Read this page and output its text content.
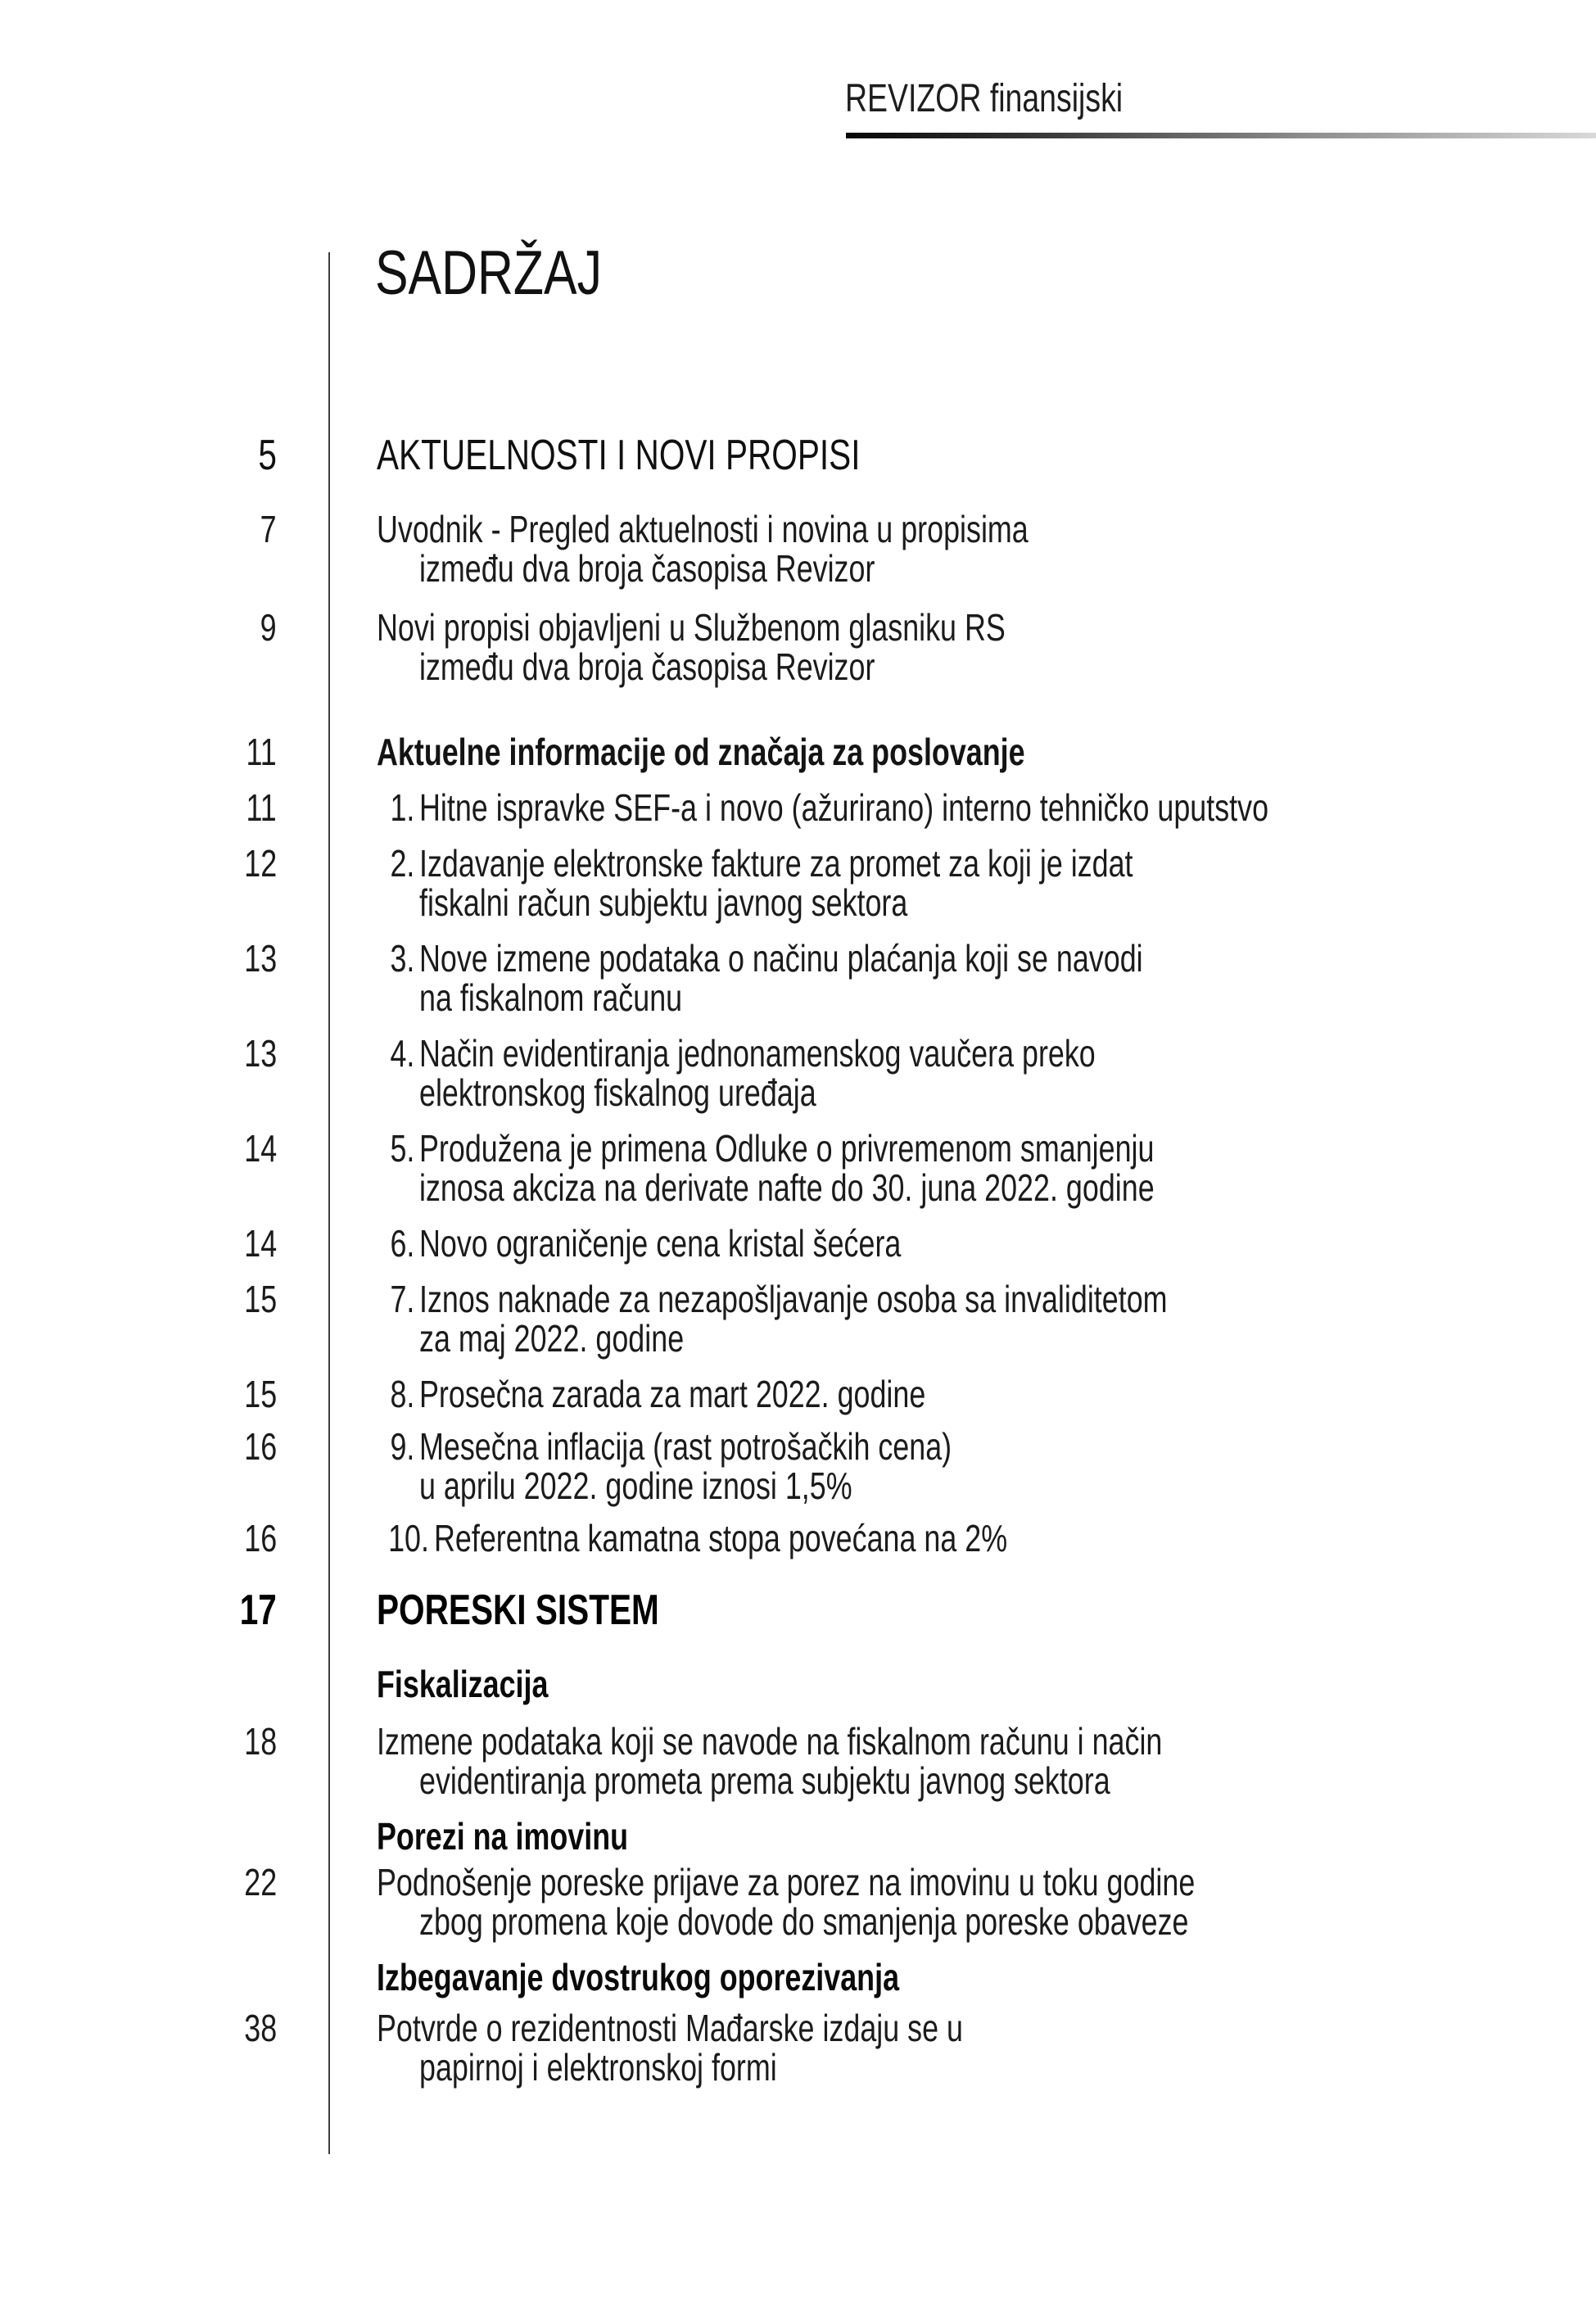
REVIZOR finansijski
SADRŽAJ
5 AKTUELNOSTI I NOVI PROPISI
7	Uvodnik - Pregled aktuelnosti i novina u propisima
između dva broja časopisa Revizor
9	Novi propisi objavljeni u Službenom glasniku RS
između dva broja časopisa Revizor
11	Aktuelne informacije od značaja za poslovanje
11	1. Hitne ispravke SEF-a i novo (ažurirano) interno tehničko uputstvo
12	2. Izdavanje elektronske fakture za promet za koji je izdat
fiskalni račun subjektu javnog sektora
13	3. Nove izmene podataka o načinu plaćanja koji se navodi
na fiskalnom računu
13	4. Način evidentiranja jednonamenskog vaučera preko
elektronskog fiskalnog uređaja
14	5. Produžena je primena Odluke o privremenom smanjenju
iznosa akciza na derivate nafte do 30. juna 2022. godine
14	6. Novo ograničenje cena kristal šećera
15	7. Iznos naknade za nezapošljavanje osoba sa invaliditetom
za maj 2022. godine
15	8. Prosečna zarada za mart 2022. godine
16	9. Mesečna inflacija (rast potrošačkih cena)
u aprilu 2022. godine iznosi 1,5%
16	10. Referentna kamatna stopa povećana na 2%
17 PORESKI SISTEM
Fiskalizacija
18	Izmene podataka koji se navode na fiskalnom računu i način
evidentiranja prometa prema subjektu javnog sektora
Porezi na imovinu
22	Podnošenje poreske prijave za porez na imovinu u toku godine
zbog promena koje dovode do smanjenja poreske obaveze
Izbegavanje dvostrukog oporezivanja
38	Potvrde o rezidentnosti Mađarske izdaju se u
papirnoj i elektronskoj formi
